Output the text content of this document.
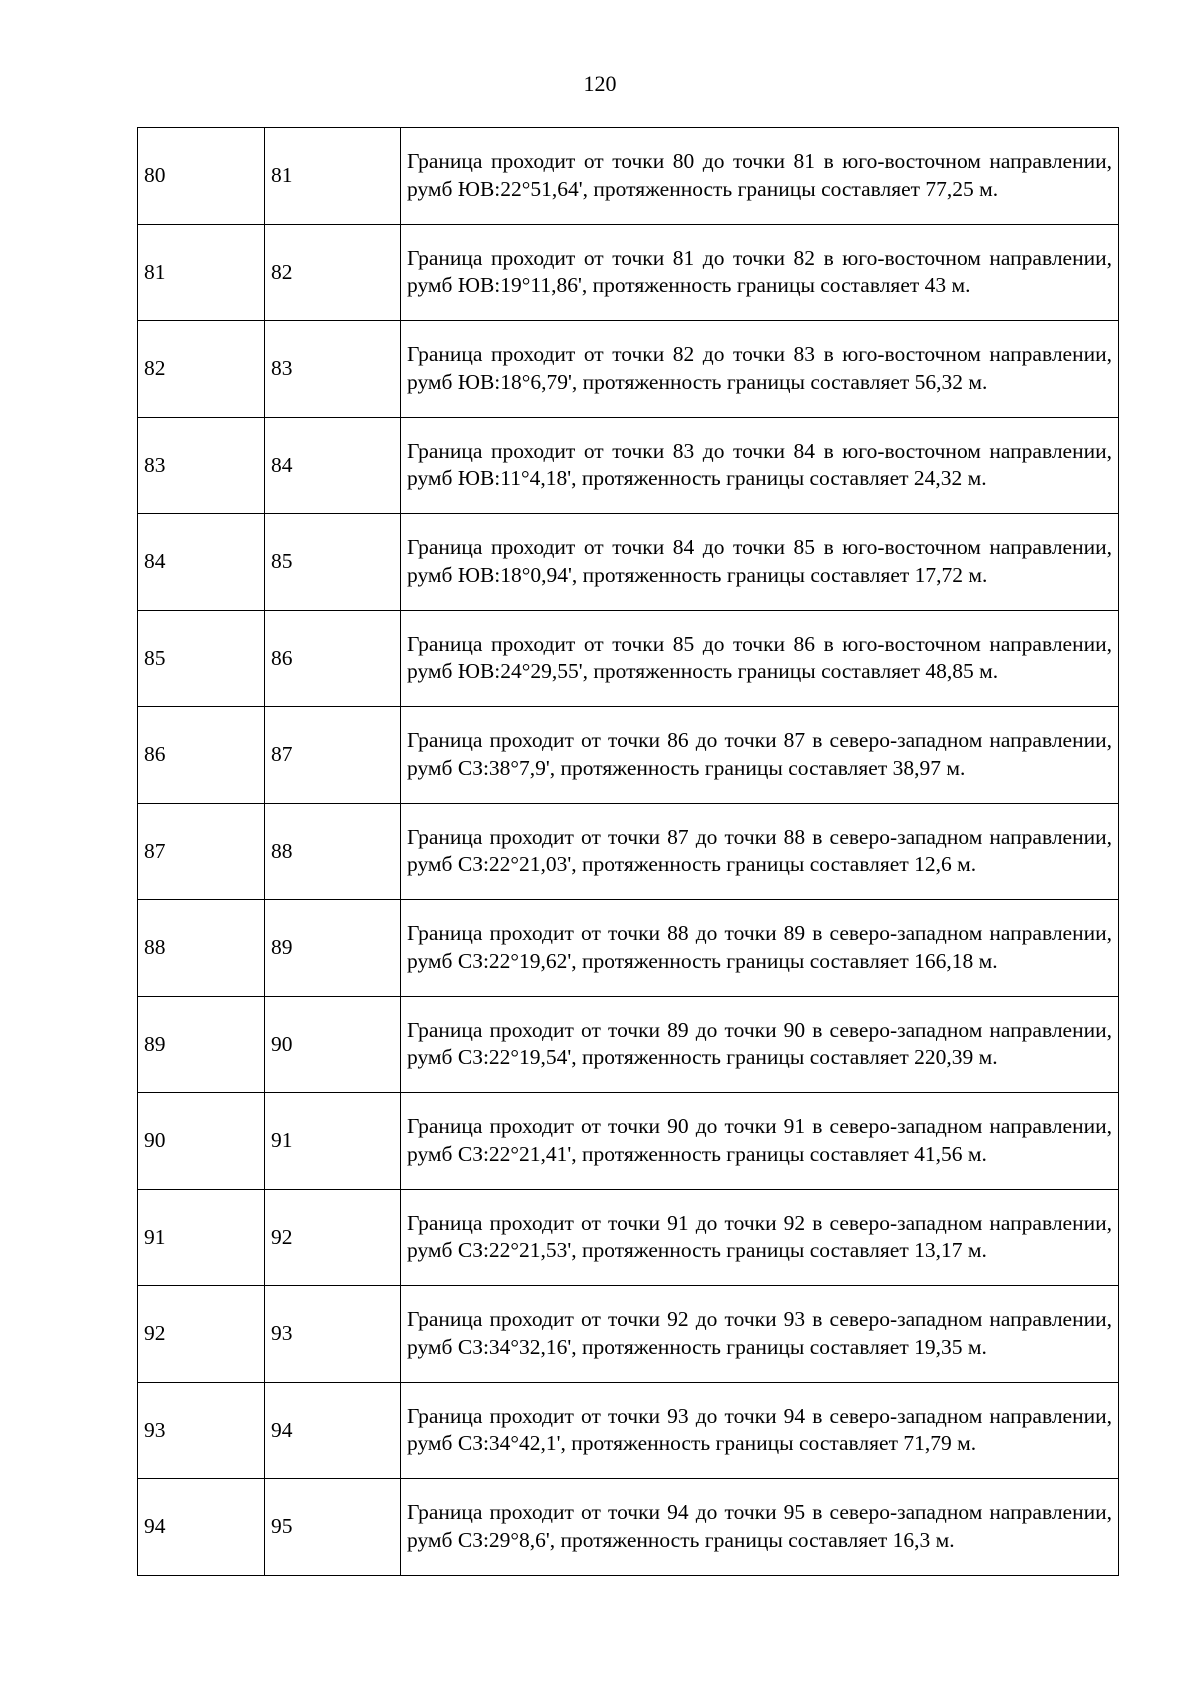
120
80	81	Граница проходит от точки 80 до точки 81 в юго-восточном направлении, румб ЮВ:22°51,64', протяженность границы составляет 77,25 м.
81	82	Граница проходит от точки 81 до точки 82 в юго-восточном направлении, румб ЮВ:19°11,86', протяженность границы составляет 43 м.
82	83	Граница проходит от точки 82 до точки 83 в юго-восточном направлении, румб ЮВ:18°6,79', протяженность границы составляет 56,32 м.
83	84	Граница проходит от точки 83 до точки 84 в юго-восточном направлении, румб ЮВ:11°4,18', протяженность границы составляет 24,32 м.
84	85	Граница проходит от точки 84 до точки 85 в юго-восточном направлении, румб ЮВ:18°0,94', протяженность границы составляет 17,72 м.
85	86	Граница проходит от точки 85 до точки 86 в юго-восточном направлении, румб ЮВ:24°29,55', протяженность границы составляет 48,85 м.
86	87	Граница проходит от точки 86 до точки 87 в северо-западном направлении, румб СЗ:38°7,9', протяженность границы составляет 38,97 м.
87	88	Граница проходит от точки 87 до точки 88 в северо-западном направлении, румб СЗ:22°21,03', протяженность границы составляет 12,6 м.
88	89	Граница проходит от точки 88 до точки 89 в северо-западном направлении, румб СЗ:22°19,62', протяженность границы составляет 166,18 м.
89	90	Граница проходит от точки 89 до точки 90 в северо-западном направлении, румб СЗ:22°19,54', протяженность границы составляет 220,39 м.
90	91	Граница проходит от точки 90 до точки 91 в северо-западном направлении, румб СЗ:22°21,41', протяженность границы составляет 41,56 м.
91	92	Граница проходит от точки 91 до точки 92 в северо-западном направлении, румб СЗ:22°21,53', протяженность границы составляет 13,17 м.
92	93	Граница проходит от точки 92 до точки 93 в северо-западном направлении, румб СЗ:34°32,16', протяженность границы составляет 19,35 м.
93	94	Граница проходит от точки 93 до точки 94 в северо-западном направлении, румб СЗ:34°42,1', протяженность границы составляет 71,79 м.
94	95	Граница проходит от точки 94 до точки 95 в северо-западном направлении, румб СЗ:29°8,6', протяженность границы составляет 16,3 м.
